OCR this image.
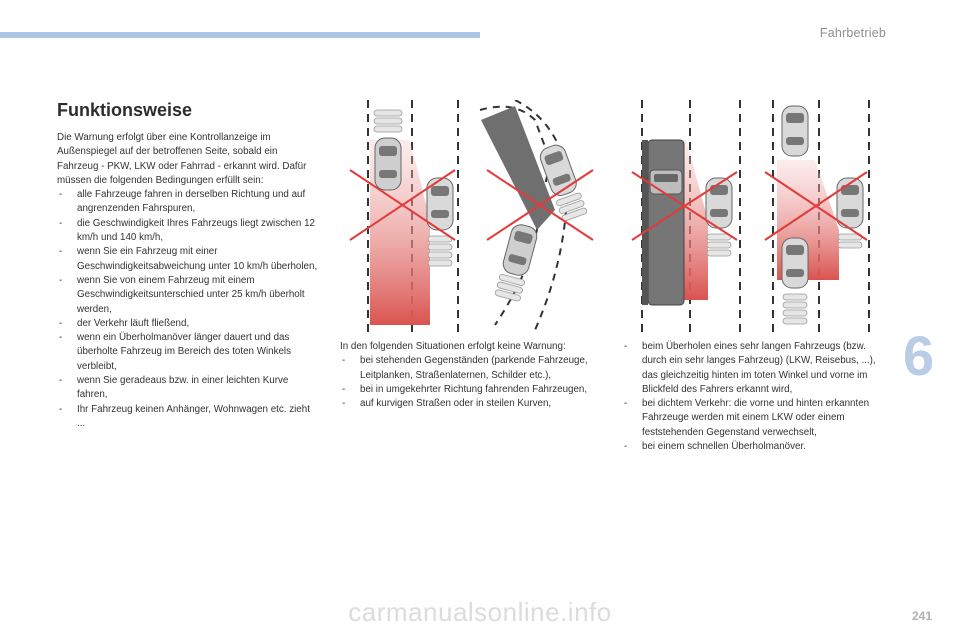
Fahrbetrieb
6
241
carmanualsonline.info
Funktionsweise

Die Warnung erfolgt über eine Kontrollanzeige im Außenspiegel auf der betroffenen Seite, sobald ein Fahrzeug - PKW, LKW oder Fahrrad - erkannt wird. Dafür müssen die folgenden Bedingungen erfüllt sein:

- alle Fahrzeuge fahren in derselben Richtung und auf angrenzenden Fahrspuren,
- die Geschwindigkeit Ihres Fahrzeugs liegt zwischen 12 km/h und 140 km/h,
- wenn Sie ein Fahrzeug mit einer Geschwindigkeitsabweichung unter 10 km/h überholen,
- wenn Sie von einem Fahrzeug mit einem Geschwindigkeitsunterschied unter 25 km/h überholt werden,
- der Verkehr läuft fließend,
- wenn ein Überholmanöver länger dauert und das überholte Fahrzeug im Bereich des toten Winkels verbleibt,
- wenn Sie geradeaus bzw. in einer leichten Kurve fahren,
- Ihr Fahrzeug keinen Anhänger, Wohnwagen etc. zieht ...

In den folgenden Situationen erfolgt keine Warnung:

- bei stehenden Gegenständen (parkende Fahrzeuge, Leitplanken, Straßenlaternen, Schilder etc.),
- bei in umgekehrter Richtung fahrenden Fahrzeugen,
- auf kurvigen Straßen oder in steilen Kurven,
- beim Überholen eines sehr langen Fahrzeugs (bzw. durch ein sehr langes Fahrzeug) (LKW, Reisebus, ...), das gleichzeitig hinten im toten Winkel und vorne im Blickfeld des Fahrers erkannt wird,
- bei dichtem Verkehr: die vorne und hinten erkannten Fahrzeuge werden mit einem LKW oder einem feststehenden Gegenstand verwechselt,
- bei einem schnellen Überholmanöver.
